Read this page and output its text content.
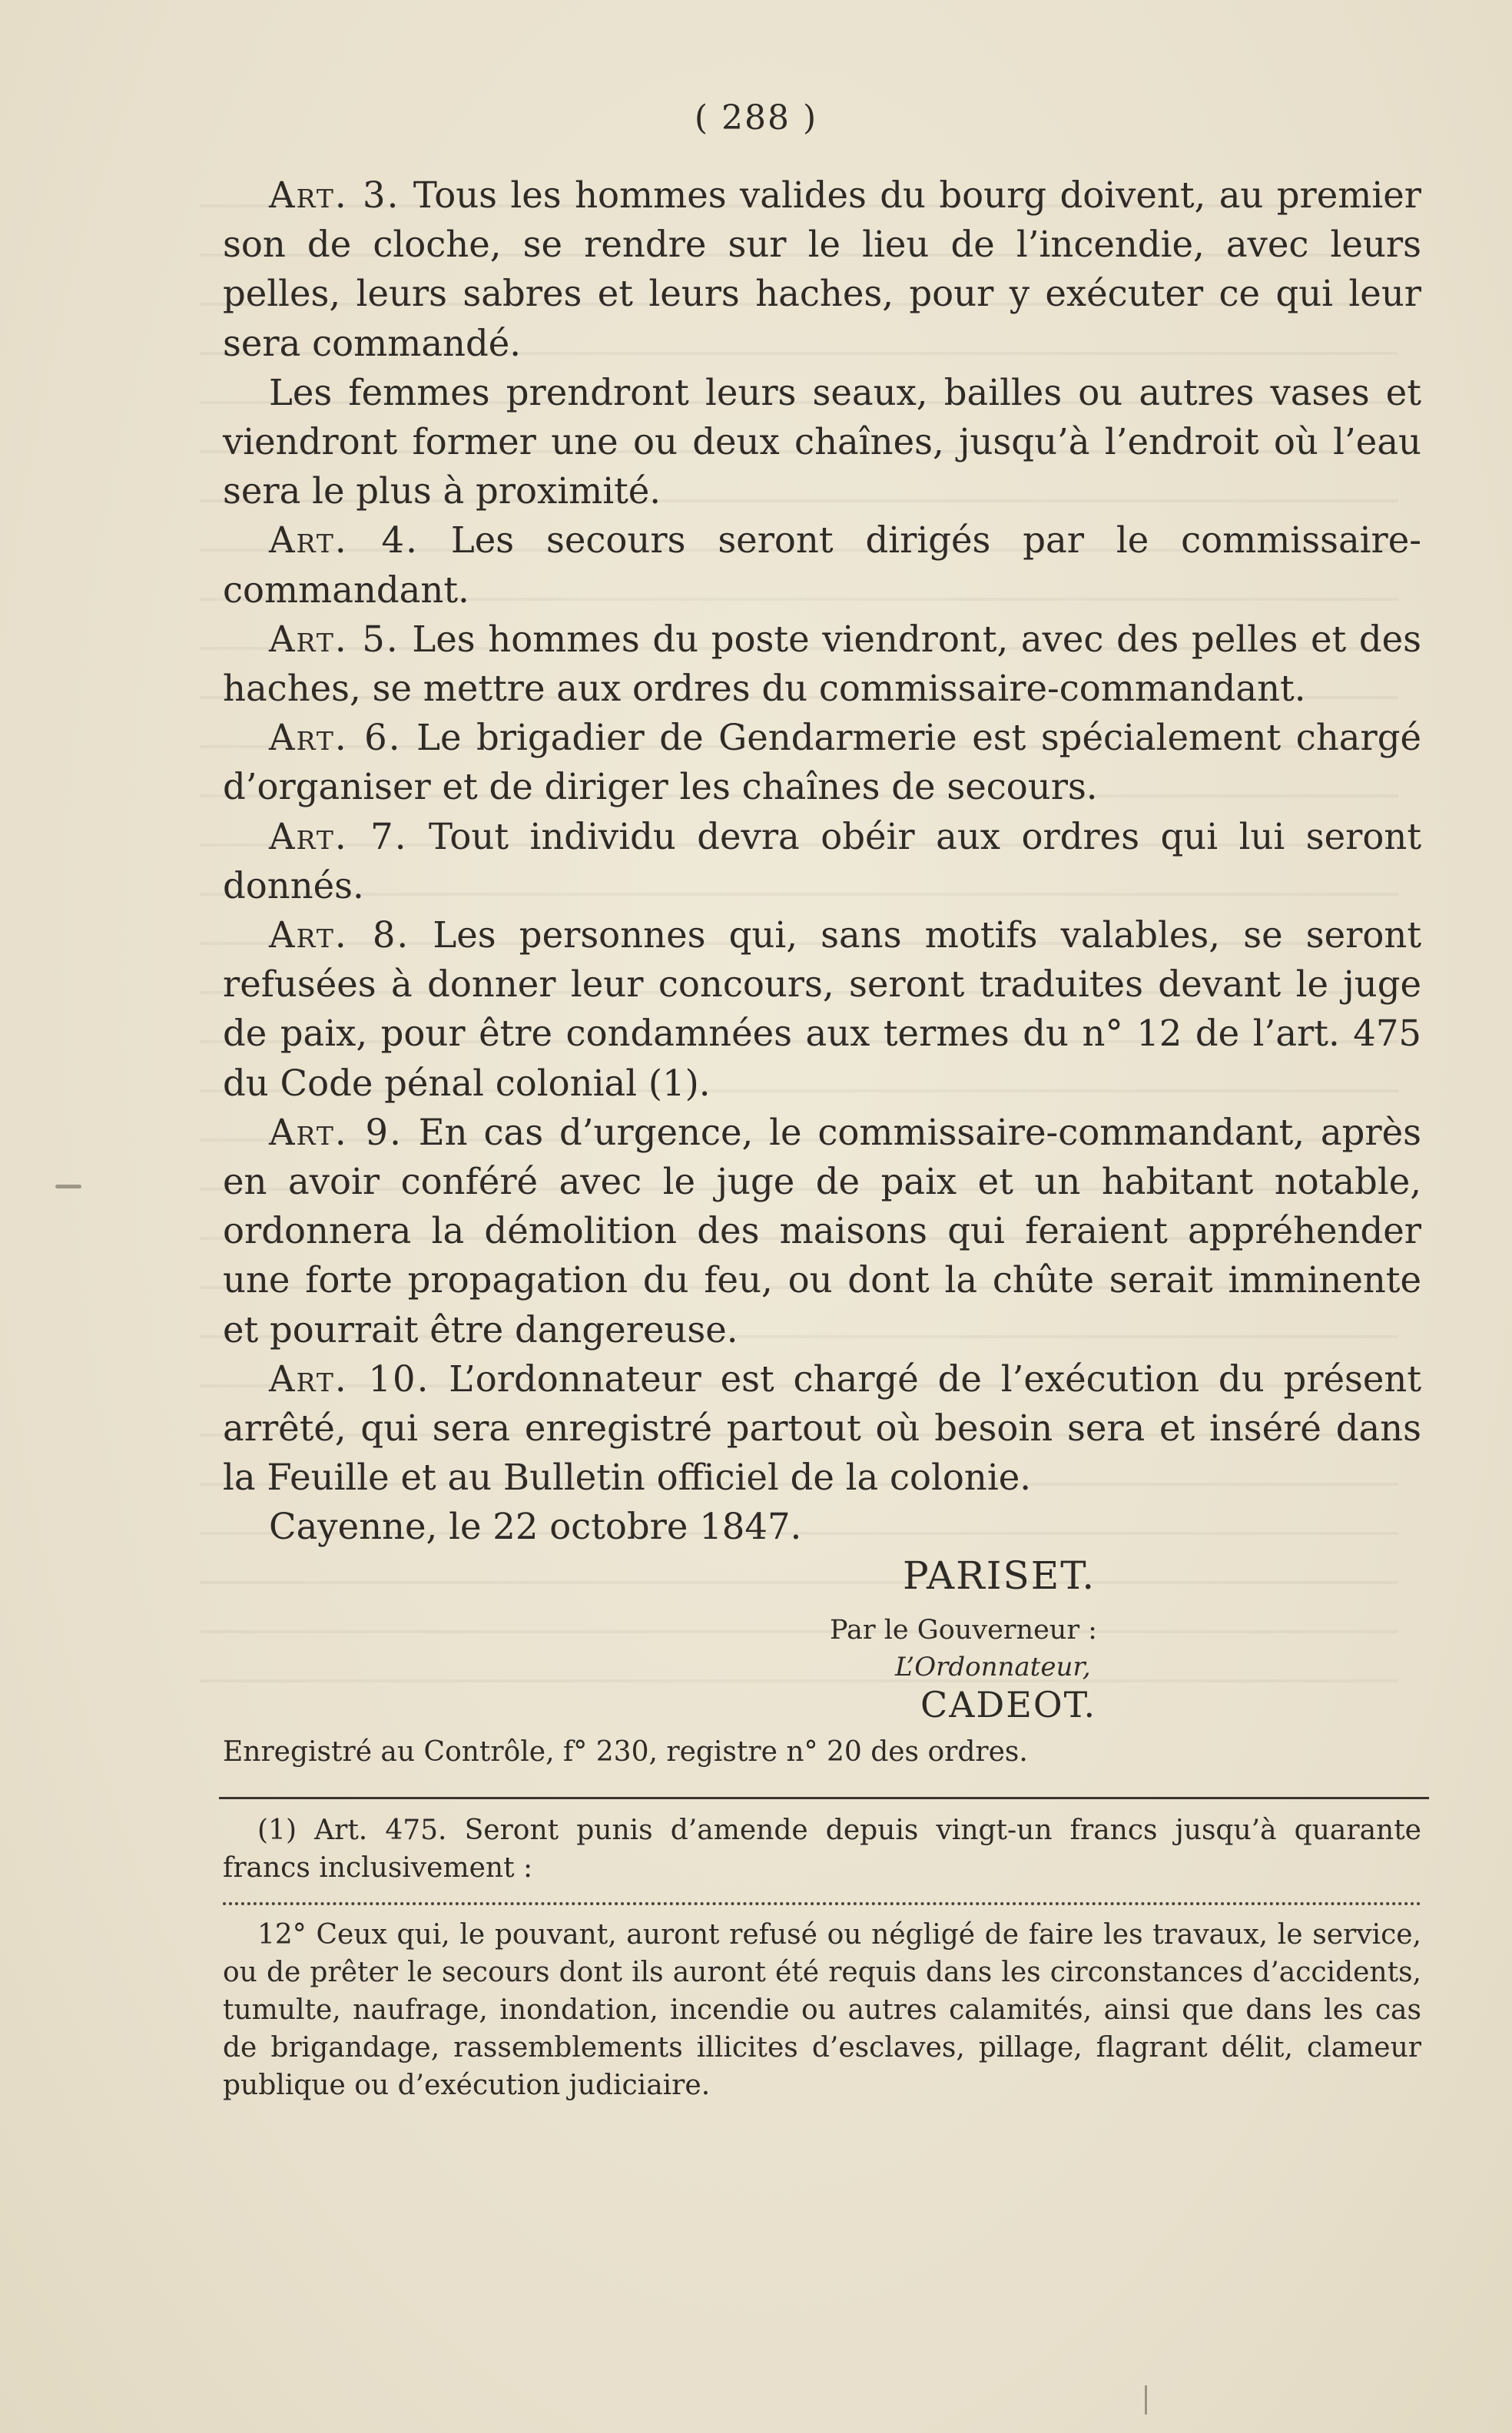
( 288 )

Art. 3. Tous les hommes valides du bourg doivent, au premier son de cloche, se rendre sur le lieu de l’incendie, avec leurs pelles, leurs sabres et leurs haches, pour y exécuter ce qui leur sera commandé.

Les femmes prendront leurs seaux, bailles ou autres vases et viendront former une ou deux chaînes, jusqu’à l’endroit où l’eau sera le plus à proximité.

Art. 4. Les secours seront dirigés par le commissaire-commandant.

Art. 5. Les hommes du poste viendront, avec des pelles et des haches, se mettre aux ordres du commissaire-commandant.

Art. 6. Le brigadier de Gendarmerie est spécialement chargé d’organiser et de diriger les chaînes de secours.

Art. 7. Tout individu devra obéir aux ordres qui lui seront donnés.

Art. 8. Les personnes qui, sans motifs valables, se seront refusées à donner leur concours, seront traduites devant le juge de paix, pour être condamnées aux termes du n° 12 de l’art. 475 du Code pénal colonial (1).

Art. 9. En cas d’urgence, le commissaire-commandant, après en avoir conféré avec le juge de paix et un habitant notable, ordonnera la démolition des maisons qui feraient appréhender une forte propagation du feu, ou dont la chûte serait imminente et pourrait être dangereuse.

Art. 10. L’ordonnateur est chargé de l’exécution du présent arrêté, qui sera enregistré partout où besoin sera et inséré dans la Feuille et au Bulletin officiel de la colonie.

Cayenne, le 22 octobre 1847.

PARISET.
Par le Gouverneur :
L’Ordonnateur,
CADEOT.
Enregistré au Contrôle, f° 230, registre n° 20 des ordres.

(1) Art. 475. Seront punis d’amende depuis vingt-un francs jusqu’à quarante francs inclusivement :

12° Ceux qui, le pouvant, auront refusé ou négligé de faire les travaux, le service, ou de prêter le secours dont ils auront été requis dans les circonstances d’accidents, tumulte, naufrage, inondation, incendie ou autres calamités, ainsi que dans les cas de brigandage, rassemblements illicites d’esclaves, pillage, flagrant délit, clameur publique ou d’exécution judiciaire.
